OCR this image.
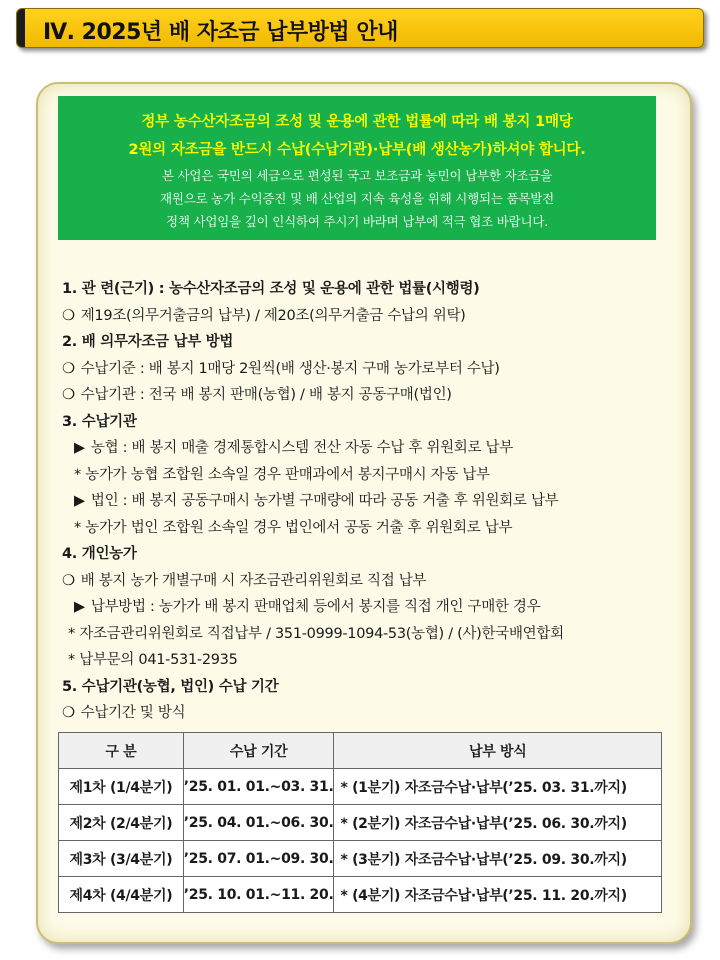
Ⅳ. 2025년 배 자조금 납부방법 안내
정부 농수산자조금의 조성 및 운용에 관한 법률에 따라 배 봉지 1매당
2원의 자조금을 반드시 수납(수납기관)·납부(배 생산농가)하셔야 합니다.
본 사업은 국민의 세금으로 편성된 국고 보조금과 농민이 납부한 자조금을
재원으로 농가 수익증진 및 배 산업의 지속 육성을 위해 시행되는 품목발전
정책 사업임을 깊이 인식하여 주시기 바라며 납부에 적극 협조 바랍니다.
1. 관 련(근기) : 농수산자조금의 조성 및 운용에 관한 법률(시행령)
❍ 제19조(의무거출금의 납부) / 제20조(의무거출금 수납의 위탁)
2. 배 의무자조금 납부 방법
❍ 수납기준 : 배 봉지 1매당 2원씩(배 생산·봉지 구매 농가로부터 수납)
❍ 수납기관 : 전국 배 봉지 판매(농협) / 배 봉지 공동구매(법인)
3. 수납기관
▶ 농협 : 배 봉지 매출 경제통합시스템 전산 자동 수납 후 위원회로 납부
* 농가가 농협 조합원 소속일 경우 판매과에서 봉지구매시 자동 납부
▶ 법인 : 배 봉지 공동구매시 농가별 구매량에 따라 공동 거출 후 위원회로 납부
* 농가가 법인 조합원 소속일 경우 법인에서 공동 거출 후 위원회로 납부
4. 개인농가
❍ 배 봉지 농가 개별구매 시 자조금관리위원회로 직접 납부
▶ 납부방법 : 농가가 배 봉지 판매업체 등에서 봉지를 직접 개인 구매한 경우
* 자조금관리위원회로 직접납부 / 351-0999-1094-53(농협) / (사)한국배연합회
* 납부문의 041-531-2935
5. 수납기관(농협, 법인) 수납 기간
❍ 수납기간 및 방식
구 분	수납 기간	납부 방식
제1차 (1/4분기)	’25. 01. 01.~03. 31.	* (1분기) 자조금수납·납부(’25. 03. 31.까지)
제2차 (2/4분기)	’25. 04. 01.~06. 30.	* (2분기) 자조금수납·납부(’25. 06. 30.까지)
제3차 (3/4분기)	’25. 07. 01.~09. 30.	* (3분기) 자조금수납·납부(’25. 09. 30.까지)
제4차 (4/4분기)	’25. 10. 01.~11. 20.	* (4분기) 자조금수납·납부(’25. 11. 20.까지)
